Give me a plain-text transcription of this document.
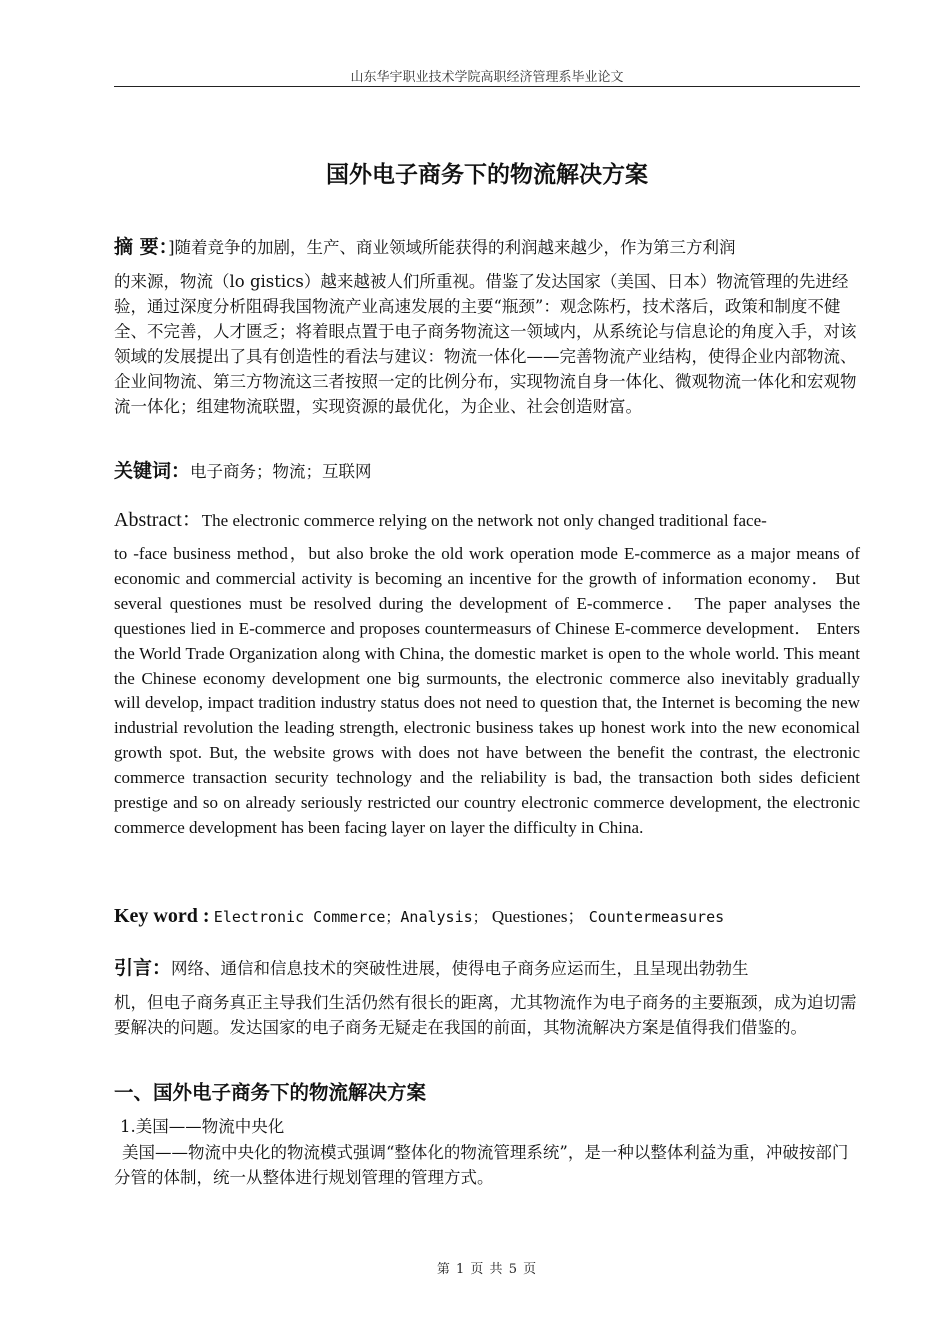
山东华宇职业技术学院高职经济管理系毕业论文
国外电子商务下的物流解决方案

摘 要：]随着竞争的加剧，生产、商业领域所能获得的利润越来越少，作为第三方利润

的来源，物流（lo gistics）越来越被人们所重视。借鉴了发达国家（美国、日本）物流管理的先进经验，通过深度分析阻碍我国物流产业高速发展的主要“瓶颈”：观念陈朽，技术落后，政策和制度不健全、不完善，人才匮乏；将着眼点置于电子商务物流这一领域内，从系统论与信息论的角度入手，对该领域的发展提出了具有创造性的看法与建议：物流一体化——完善物流产业结构，使得企业内部物流、企业间物流、第三方物流这三者按照一定的比例分布，实现物流自身一体化、微观物流一体化和宏观物流一体化；组建物流联盟，实现资源的最优化，为企业、社会创造财富。

关键词：电子商务；物流；互联网

Abstract：The electronic commerce relying on the network not only changed traditional face-

to -face business method，but also broke the old work operation mode E-commerce as a major means of economic and commercial activity is becoming an incentive for the growth of information economy． But several questiones must be resolved during the development of E-commerce． The paper analyses the questiones lied in E-commerce and proposes countermeasurs of Chinese E-commerce development． Enters the World Trade Organization along with China, the domestic market is open to the whole world. This meant the Chinese economy development one big surmounts, the electronic commerce also inevitably gradually will develop, impact tradition industry status does not need to question that, the Internet is becoming the new industrial revolution the leading strength, electronic business takes up honest work into the new economical growth spot. But, the website grows with does not have between the benefit the contrast, the electronic commerce transaction security technology and the reliability is bad, the transaction both sides deficient prestige and so on already seriously restricted our country electronic commerce development, the electronic commerce development has been facing layer on layer the difficulty in China.

Key word : Electronic Commerce；Analysis； Questiones； Countermeasures

引言：网络、通信和信息技术的突破性进展，使得电子商务应运而生，且呈现出勃勃生

机，但电子商务真正主导我们生活仍然有很长的距离，尤其物流作为电子商务的主要瓶颈，成为迫切需要解决的问题。发达国家的电子商务无疑走在我国的前面，其物流解决方案是值得我们借鉴的。

一、国外电子商务下的物流解决方案
1.美国——物流中央化
美国——物流中央化的物流模式强调“整体化的物流管理系统”，是一种以整体利益为重，冲破按部门分管的体制，统一从整体进行规划管理的管理方式。
第 1 页 共 5 页
